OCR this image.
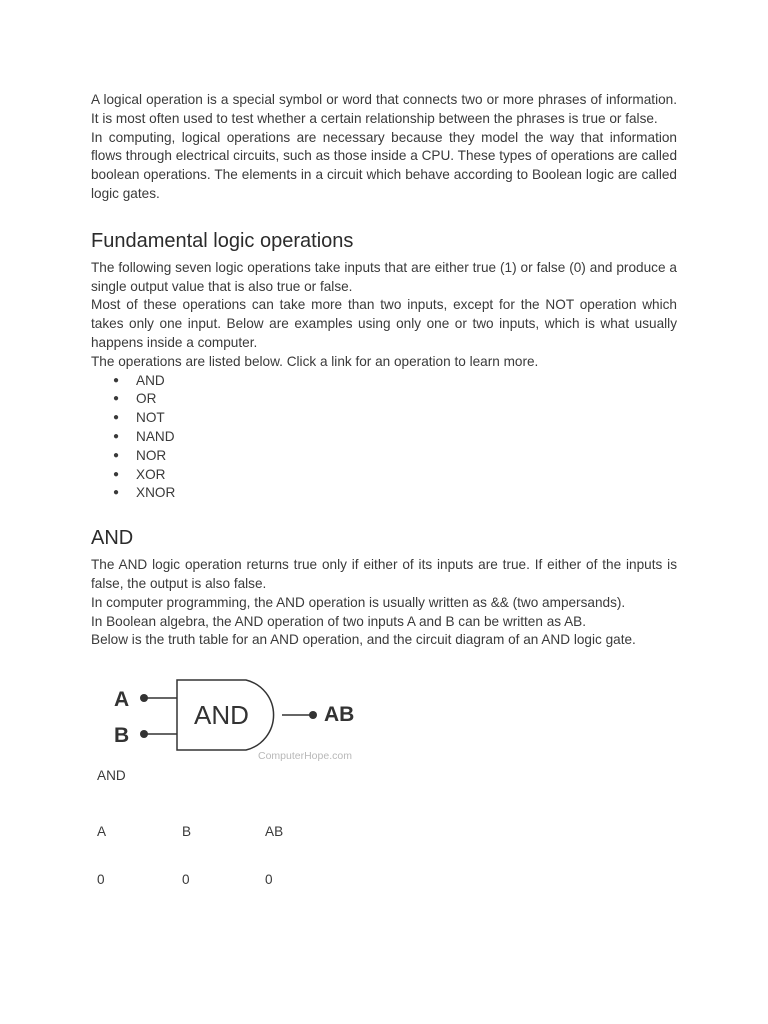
A logical operation is a special symbol or word that connects two or more phrases of information. It is most often used to test whether a certain relationship between the phrases is true or false.

In computing, logical operations are necessary because they model the way that information flows through electrical circuits, such as those inside a CPU. These types of operations are called boolean operations. The elements in a circuit which behave according to Boolean logic are called logic gates.

Fundamental logic operations

The following seven logic operations take inputs that are either true (1) or false (0) and produce a single output value that is also true or false.

Most of these operations can take more than two inputs, except for the NOT operation which takes only one input. Below are examples using only one or two inputs, which is what usually happens inside a computer.

The operations are listed below. Click a link for an operation to learn more.

● AND
● OR
● NOT
● NAND
● NOR
● XOR
● XNOR
AND

The AND logic operation returns true only if either of its inputs are true. If either of the inputs is false, the output is also false.

In computer programming, the AND operation is usually written as && (two ampersands).

In Boolean algebra, the AND operation of two inputs A and B can be written as AB.

Below is the truth table for an AND operation, and the circuit diagram of an AND logic gate.

A
B
AND	AB
ComputerHope.com
AND
A	B	AB
0	0	0
